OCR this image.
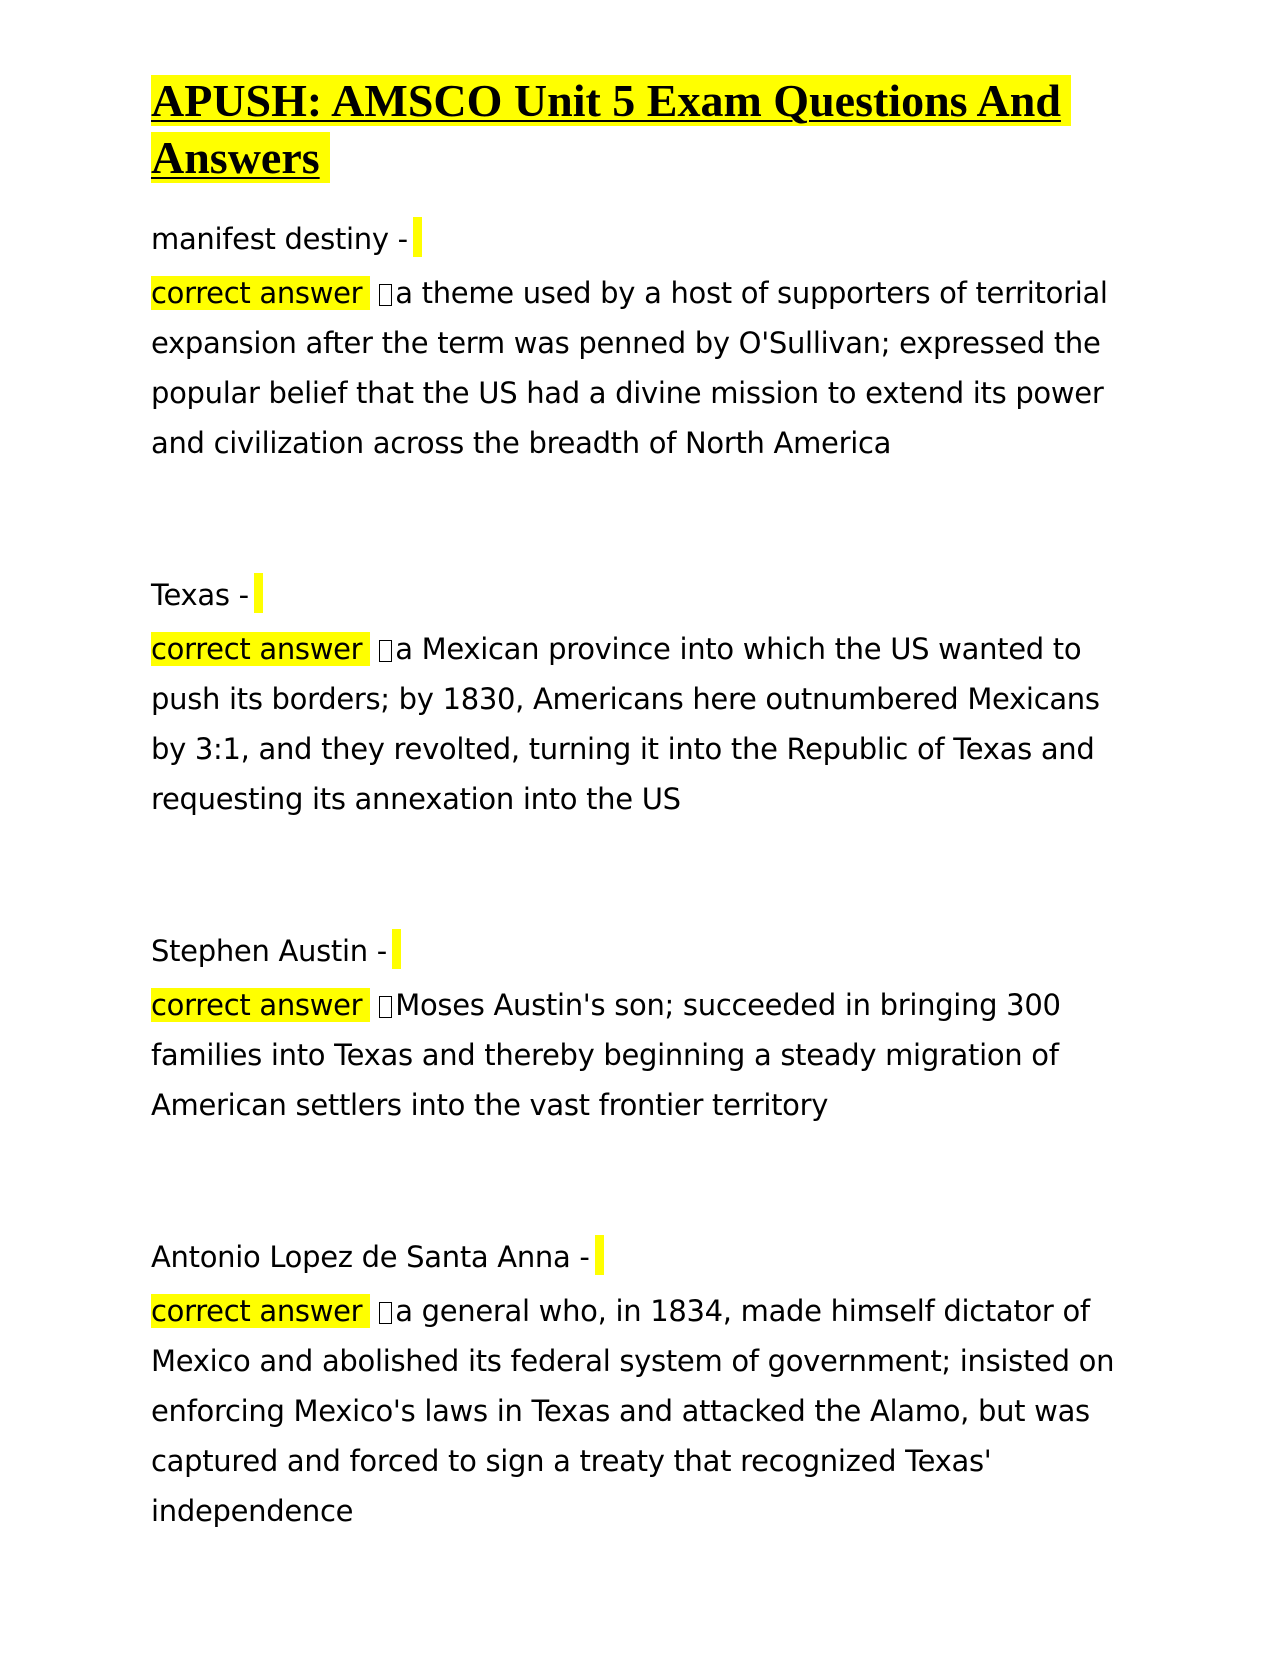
APUSH: AMSCO Unit 5 Exam Questions And Answers
manifest destiny -
correct answer a theme used by a host of supporters of territorial expansion after the term was penned by O'Sullivan; expressed the popular belief that the US had a divine mission to extend its power and civilization across the breadth of North America
Texas -
correct answer a Mexican province into which the US wanted to push its borders; by 1830, Americans here outnumbered Mexicans by 3:1, and they revolted, turning it into the Republic of Texas and requesting its annexation into the US
Stephen Austin -
correct answer Moses Austin's son; succeeded in bringing 300 families into Texas and thereby beginning a steady migration of American settlers into the vast frontier territory
Antonio Lopez de Santa Anna -
correct answer a general who, in 1834, made himself dictator of Mexico and abolished its federal system of government; insisted on enforcing Mexico's laws in Texas and attacked the Alamo, but was captured and forced to sign a treaty that recognized Texas' independence
